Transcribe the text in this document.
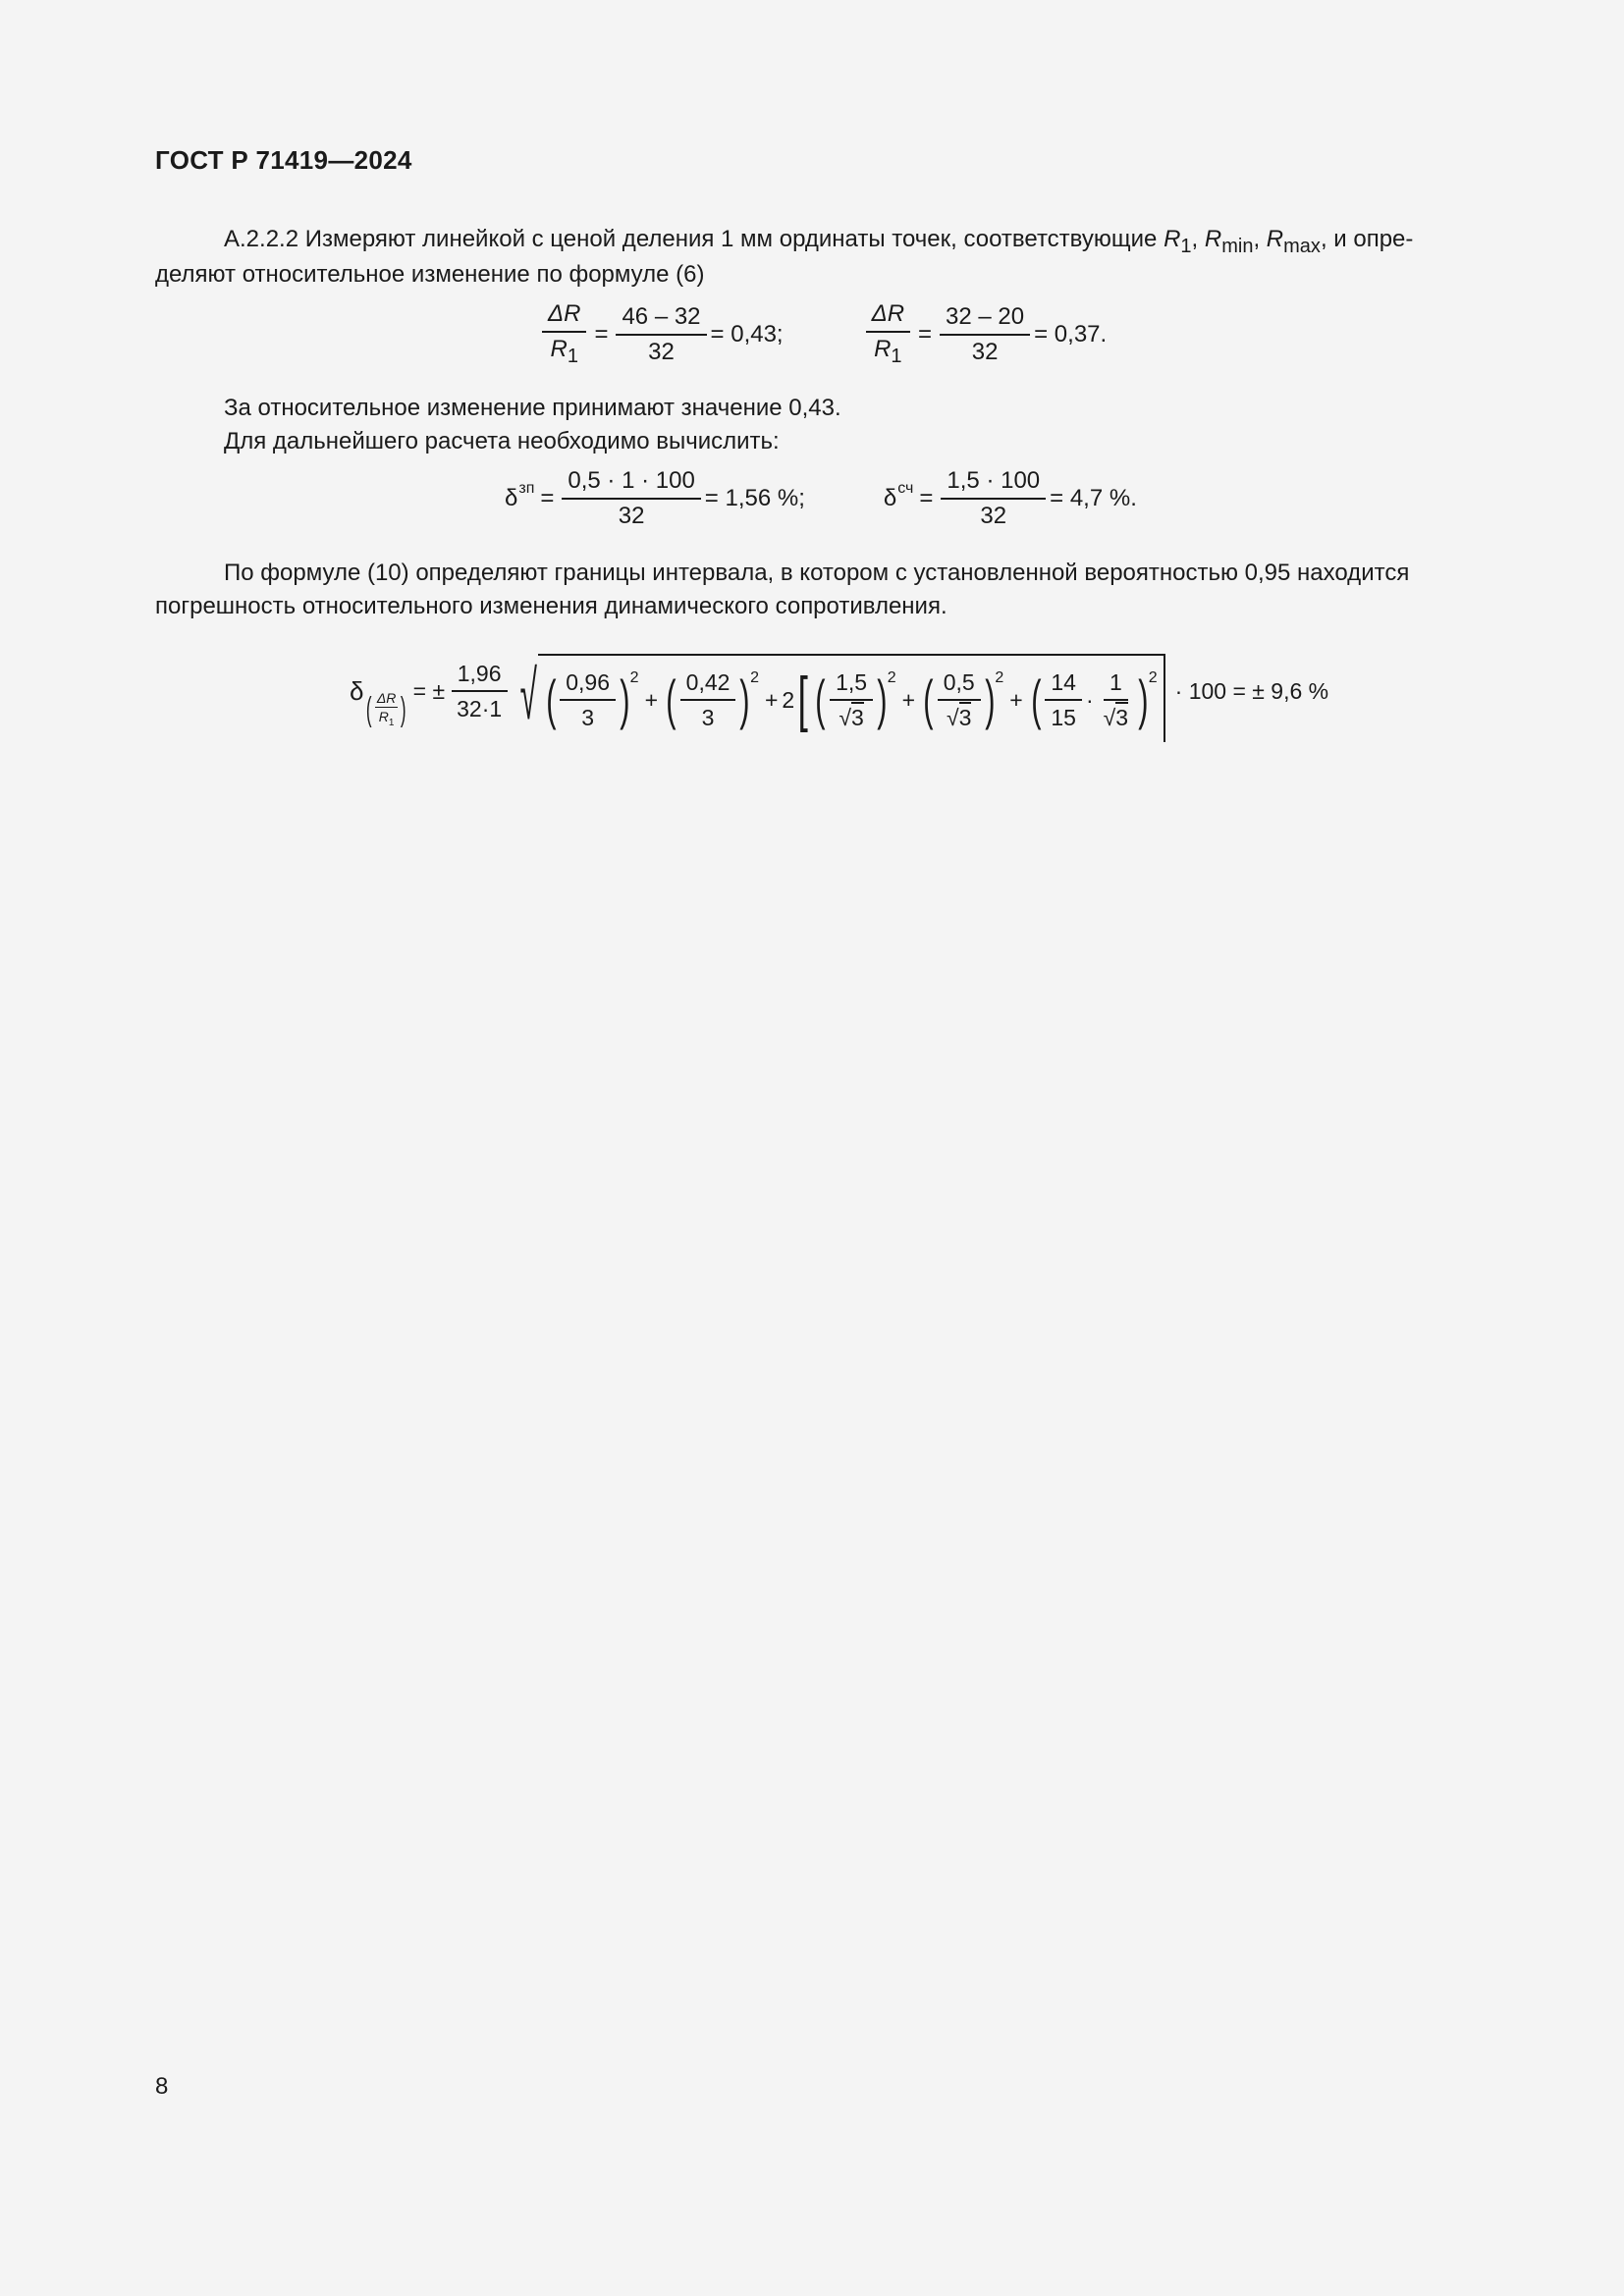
ГОСТ Р 71419—2024
А.2.2.2 Измеряют линейкой с ценой деления 1 мм ординаты точек, соответствующие $R_1$, $R_{min}$, $R_{max}$, и опре-
деляют относительное изменение по формуле (6)
$\frac{\Delta R}{R_1} = \frac{46 - 32}{32} = 0,43$;	$\frac{\Delta R}{R_1} = \frac{32 - 20}{32} = 0,37$.
За относительное изменение принимают значение 0,43.
Для дальнейшего расчета необходимо вычислить:
δ зп = $\frac{0,5 \cdot 1 \cdot 100}{32} = 1,56$ %;	δ сч = $\frac{1,5 \cdot 100}{32} = 4,7$ %.
По формуле (10) определяют границы интервала, в котором с установленной вероятностью 0,95 находится
погрешность относительного изменения динамического сопротивления.
δ
( $\frac{\Delta R}{R_1}$ )
= ± $\frac{1,96}{32\cdot 1}$ √ ( $\frac{0,96}{3}$ ) 2
+ ( $\frac{0,42}{3}$ ) 2
+ 2 [ ( $\frac{1,5}{√3}$ ) 2
+ ( $\frac{0,5}{√3}$ ) 2
+ ( $\frac{14}{15} \cdot \frac{1}{√3}$ ) 2 · 100 = ± 9,6 %
8
